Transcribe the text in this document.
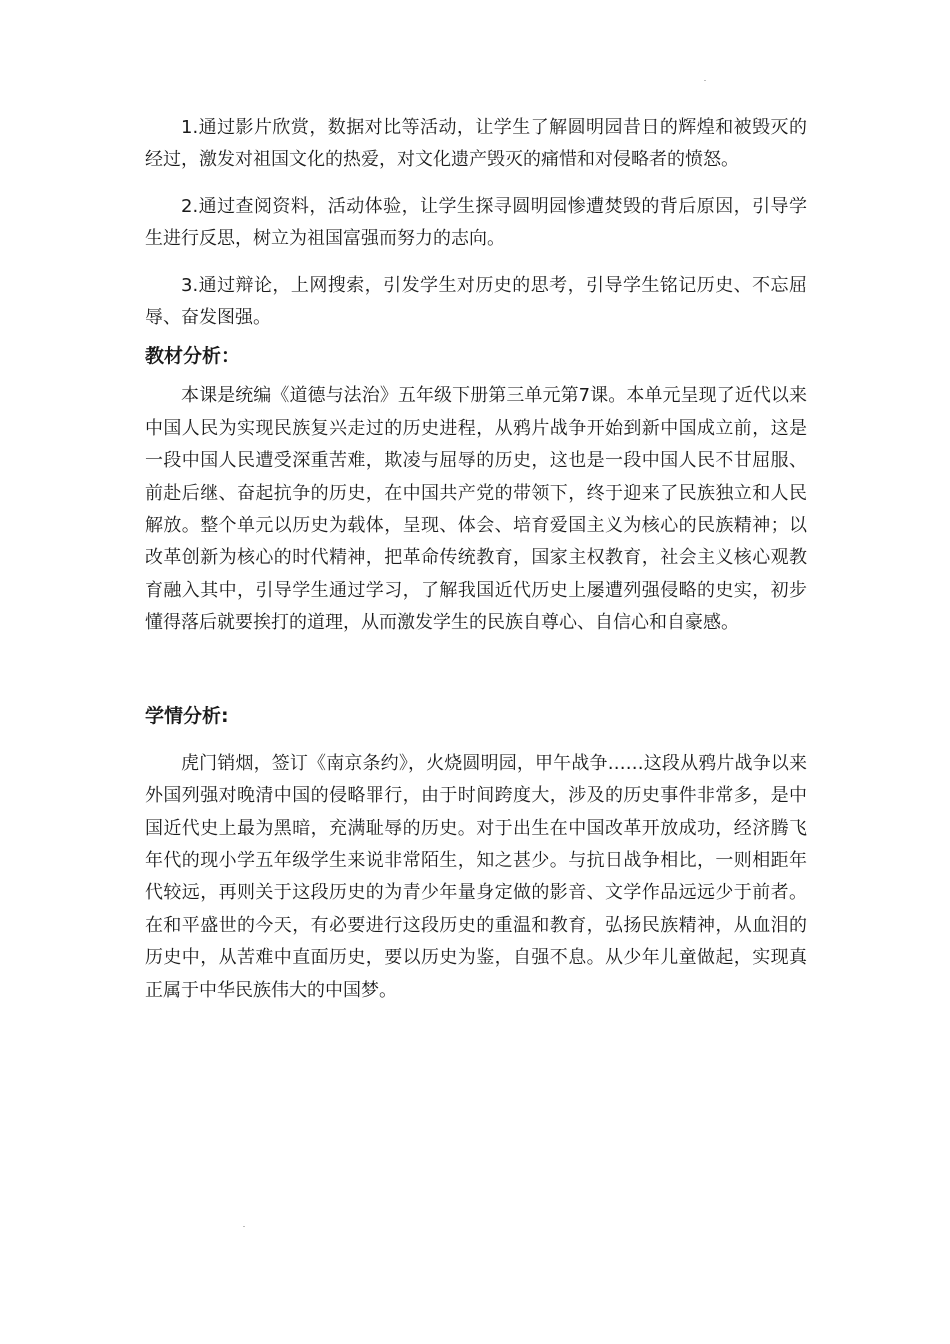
1.通过影片欣赏，数据对比等活动，让学生了解圆明园昔日的辉煌和被毁灭的经过，激发对祖国文化的热爱，对文化遗产毁灭的痛惜和对侵略者的愤怒。

2.通过查阅资料，活动体验，让学生探寻圆明园惨遭焚毁的背后原因，引导学生进行反思，树立为祖国富强而努力的志向。

3.通过辩论，上网搜索，引发学生对历史的思考，引导学生铭记历史、不忘屈辱、奋发图强。

教材分析：

本课是统编《道德与法治》五年级下册第三单元第7课。本单元呈现了近代以来中国人民为实现民族复兴走过的历史进程，从鸦片战争开始到新中国成立前，这是一段中国人民遭受深重苦难，欺凌与屈辱的历史，这也是一段中国人民不甘屈服、前赴后继、奋起抗争的历史，在中国共产党的带领下，终于迎来了民族独立和人民解放。整个单元以历史为载体，呈现、体会、培育爱国主义为核心的民族精神；以改革创新为核心的时代精神，把革命传统教育，国家主权教育，社会主义核心观教育融入其中，引导学生通过学习，了解我国近代历史上屡遭列强侵略的史实，初步懂得落后就要挨打的道理，从而激发学生的民族自尊心、自信心和自豪感。

学情分析:

虎门销烟，签订《南京条约》，火烧圆明园，甲午战争……这段从鸦片战争以来外国列强对晚清中国的侵略罪行，由于时间跨度大，涉及的历史事件非常多，是中国近代史上最为黑暗，充满耻辱的历史。对于出生在中国改革开放成功，经济腾飞年代的现小学五年级学生来说非常陌生，知之甚少。与抗日战争相比，一则相距年代较远，再则关于这段历史的为青少年量身定做的影音、文学作品远远少于前者。在和平盛世的今天，有必要进行这段历史的重温和教育，弘扬民族精神，从血泪的历史中，从苦难中直面历史，要以历史为鉴，自强不息。从少年儿童做起，实现真正属于中华民族伟大的中国梦。
